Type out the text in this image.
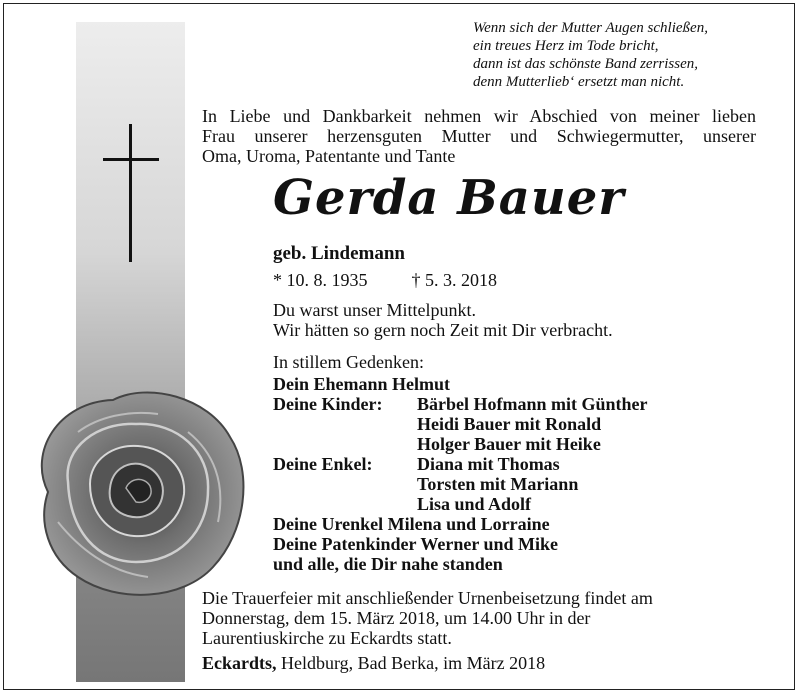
Wenn sich der Mutter Augen schließen,
ein treues Herz im Tode bricht,
dann ist das schönste Band zerrissen,
denn Mutterlieb‘ ersetzt man nicht.
In Liebe und Dankbarkeit nehmen wir Abschied von meiner lieben
Frau unserer herzensguten Mutter und Schwiegermutter, unserer
Oma, Uroma, Patentante und Tante
Gerda Bauer
geb. Lindemann
* 10. 8. 1935 † 5. 3. 2018
Du warst unser Mittelpunkt.
Wir hätten so gern noch Zeit mit Dir verbracht.
In stillem Gedenken:
Dein Ehemann Helmut
Deine Kinder:	Bärbel Hofmann mit Günther
Heidi Bauer mit Ronald
Holger Bauer mit Heike
Deine Enkel:	Diana mit Thomas
Torsten mit Mariann
Lisa und Adolf
Deine Urenkel Milena und Lorraine
Deine Patenkinder Werner und Mike
und alle, die Dir nahe standen
Die Trauerfeier mit anschließender Urnenbeisetzung findet am
Donnerstag, dem 15. März 2018, um 14.00 Uhr in der
Laurentiuskirche zu Eckardts statt.
Eckardts, Heldburg, Bad Berka, im März 2018
